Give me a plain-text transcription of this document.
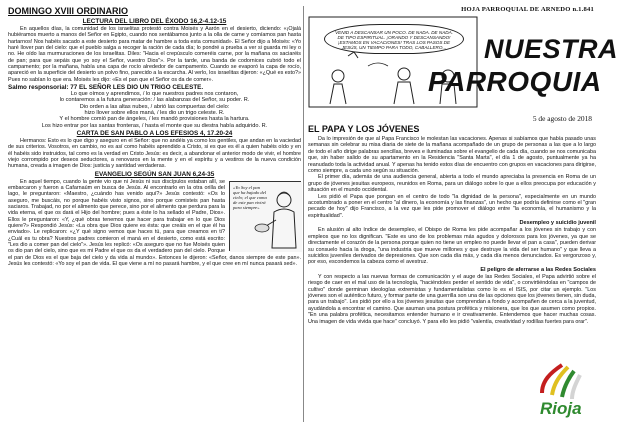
DOMINGO XVIII ORDINARIO
LECTURA DEL LIBRO DEL ÉXODO 16,2-4.12-15

En aquellos días, la comunidad de los israelitas protestó contra Moisés y Aarón en el desierto, diciendo: «¡Ojalá hubiéramos muerto a manos del Señor en Egipto, cuando nos sentábamos junto a la olla de carne y comíamos pan hasta hartarnos! Nos habéis sacado a este desierto para matar de hambre a toda esta comunidad». El Señor dijo a Moisés: «Yo haré llover pan del cielo: que el pueblo salga a recoger la ración de cada día; lo pondré a prueba a ver si guarda mi ley o no. He oído las murmuraciones de los israelitas. Diles: "Hacia el crepúsculo comeréis carne, por la mañana os saciaréis de pan; para que sepáis que yo soy el Señor, vuestro Dios"». Por la tarde, una banda de codornices cubrió todo el campamento; por la mañana, había una capa de rocío alrededor de campamento. Cuando se evaporó la capa de rocío, apareció en la superficie del desierto un polvo fino, parecido a la escarcha. Al verlo, los israelitas dijeron: «¿Qué es esto?» Pues no sabían lo que era. Moisés les dijo: «Es el pan que el Señor os da de comer».

Salmo responsorial: 77 EL SEÑOR LES DIO UN TRIGO CELESTE.
Lo que oímos y aprendimos, / lo que nuestros padres nos contaron,
lo contaremos a la futura generación: / las alabanzas del Señor, su poder. R.
Dio orden a las altas nubes, / abrió las compuertas del cielo:
hizo llover sobre ellos maná, / les dio un trigo celeste. R.
Y el hombre comió pan de ángeles, / les mandó provisiones hasta la hartura.
Los hizo entrar por las santas fronteras, / hasta el monte que su diestra había adquirido. R.
CARTA DE SAN PABLO A LOS EFESIOS 4, 17.20-24

Hermanos: Esto es lo que digo y aseguro en el Señor: que no andéis ya como los gentiles, que andan en la vaciedad de sus criterios. Vosotros, en cambio, no es así como habéis aprendido a Cristo, si es que es él a quien habéis oído y en él habéis sido instruidos, tal como es la verdad en Cristo Jesús: es decir, a abandonar el anterior modo de vivir, el hombre viejo corrompido por deseos seductores, a renovaros en la mente y en el espíritu y a vestiros de la nueva condición humana, creada a imagen de Dios: justicia y santidad verdaderas.

EVANGELIO SEGÚN SAN JUAN 6,24-35
«Yo Soy el pan que ha bajado del cielo; el que coma de este pan vivirá para siempre»

En aquel tiempo, cuando la gente vio que ni Jesús ni sus discípulos estaban allí, se embarcaron y fueron a Cafarnaúm en busca de Jesús. Al encontrarlo en la otra orilla del lago, le preguntaron: «Maestro, ¿cuándo has venido aquí?» Jesús contestó: «Os lo aseguro, me buscáis, no porque habéis visto signos, sino porque comisteis pan hasta saciaros. Trabajad, no por el alimento que perece, sino por el alimento que perdura para la vida eterna, el que os dará el Hijo del hombre; pues a éste lo ha sellado el Padre, Dios». Ellos le preguntaron: «Y, ¿qué obras tenemos que hacer para trabajar en lo que Dios quiere?» Respondió Jesús: «La obra que Dios quiere es ésta: que creáis en el que él ha enviado». Le replicaron: «¿Y qué signo vemos que haces tú, para que creamos en ti? ¿Cuál es tu obra? Nuestros padres comieron el maná en el desierto, como está escrito: "Les dio a comer pan del cielo"». Jesús les replicó: «Os aseguro que no fue Moisés quien os dio pan del cielo, sino que es mi Padre el que os da el verdadero pan del cielo. Porque el pan de Dios es el que baja del cielo y da vida al mundo». Entonces le dijeron: «Señor, danos siempre de este pan». Jesús les contestó: «Yo soy el pan de vida. El que viene a mí no pasará hambre, y el que cree en mí nunca pasará sed».

HOJA PARROQUIAL DE ARNEDO n.1.841
VENID A DESCANSAR UN POCO. DE NADA. DE NADA. DE TIPO ESPIRITUAL. ¡ORANDO Y DESCANSANDO! ¡ESTAMOS EN VACACIONES! TRAS LOS PASOS DE JESÚS, UN TIEMPO PARA TODO, CABALLERO...	NUESTRA
PARROQUIA
5 de agosto de 2018
EL PAPA Y LOS JÓVENES

Da lo impresión de que al Papa Francisco le molestan las vacaciones. Apenas si sabíamos que había pasado unas semanas sin celebrar su misa diaria de siete de la mañana acompañado de un grupo de personas a las que a lo largo de todo el año dirige palabras sencillas, breves e iluminadas sobre el evangelio de cada día, cuando se nos comunicaba que, sin haber salido de su apartamento en la Residencia "Santa Marta", el día 1 de agosto, puntualmente ya ha reanudado toda la actividad anual. Y apenas ha tenido estos días de encuentro con grupos en vacaciones para dirigirse, como siempre, a cada uno según su situación.

El primer día, además de una audiencia general, abierta a todo el mundo apreciaba la presencia en Roma de un grupo de jóvenes jesuitas europeos, reunidos en Roma, para un diálogo sobre lo que a ellos preocupa por educación y situación en el mundo occidental.

Les pidió el Papa que pongan en el centro de todo "la dignidad de la persona", especialmente en un mundo acostumbrado a poner en el centro "al dinero, la economía y las finanzas", un hecho que podría definirse como el "gran pecado de hoy" dijo Francisco, a la vez que les pide promover el diálogo entre "la economía, el humanismo y la espiritualidad".

Desempleo y suicidio juvenil

En alusión al alto índice de desempleo, el Obispo de Roma les pide acompañar a los jóvenes sin trabajo y con empleos que no los dignifican. "Este es uno de los problemas más agudos y dolorosos para los jóvenes, ya que se directamente el corazón de la persona porque quien no tiene un empleo no puede llevar el pan a casa", pueden derivar su consuelo hacia la droga, "una industria que mueve millones y que destruye la vida del ser humano" y que lleva a suicidios juveniles derivados de depresiones. Que son cada día más, y cada día menos denunciados. Es vergonzoso y, por eso, escondemos la cabeza como el avestruz.

El peligro de aferrarse a las Redes Sociales

Y con respecto a las nuevas formas de comunicación y el auge de las Redes Sociales, el Papa advirtió sobre el riesgo de caer en el mal uso de la tecnología, "haciéndoles perder el sentido de vida", o convirtiéndolas en "campos de cultivo" donde germinan ideologías extremistas y fundamentalistas como lo es el ISIS, por citar un ejemplo. "Los jóvenes son el auténtico futuro, y formar parte de una guerrilla son una de las opciones que los jóvenes tienen, sin duda, para un trabajo". Les pidió por ello a los jóvenes jesuitas que comprendan a fondo y acompañen de cerca a la juventud, ayudándola a encontrar el camino. Que asuman una postura profética y misionera, que los que asumen como propios. "En una palabra profética, necesitamos entender humano e ir creativamente. Entendemos que hacer muchas cosas. Una imagen de vida vivida que hace" concluyó. Y para ello les pidió "valentía, creatividad y rodillas fuertes para orar".

Rioja
